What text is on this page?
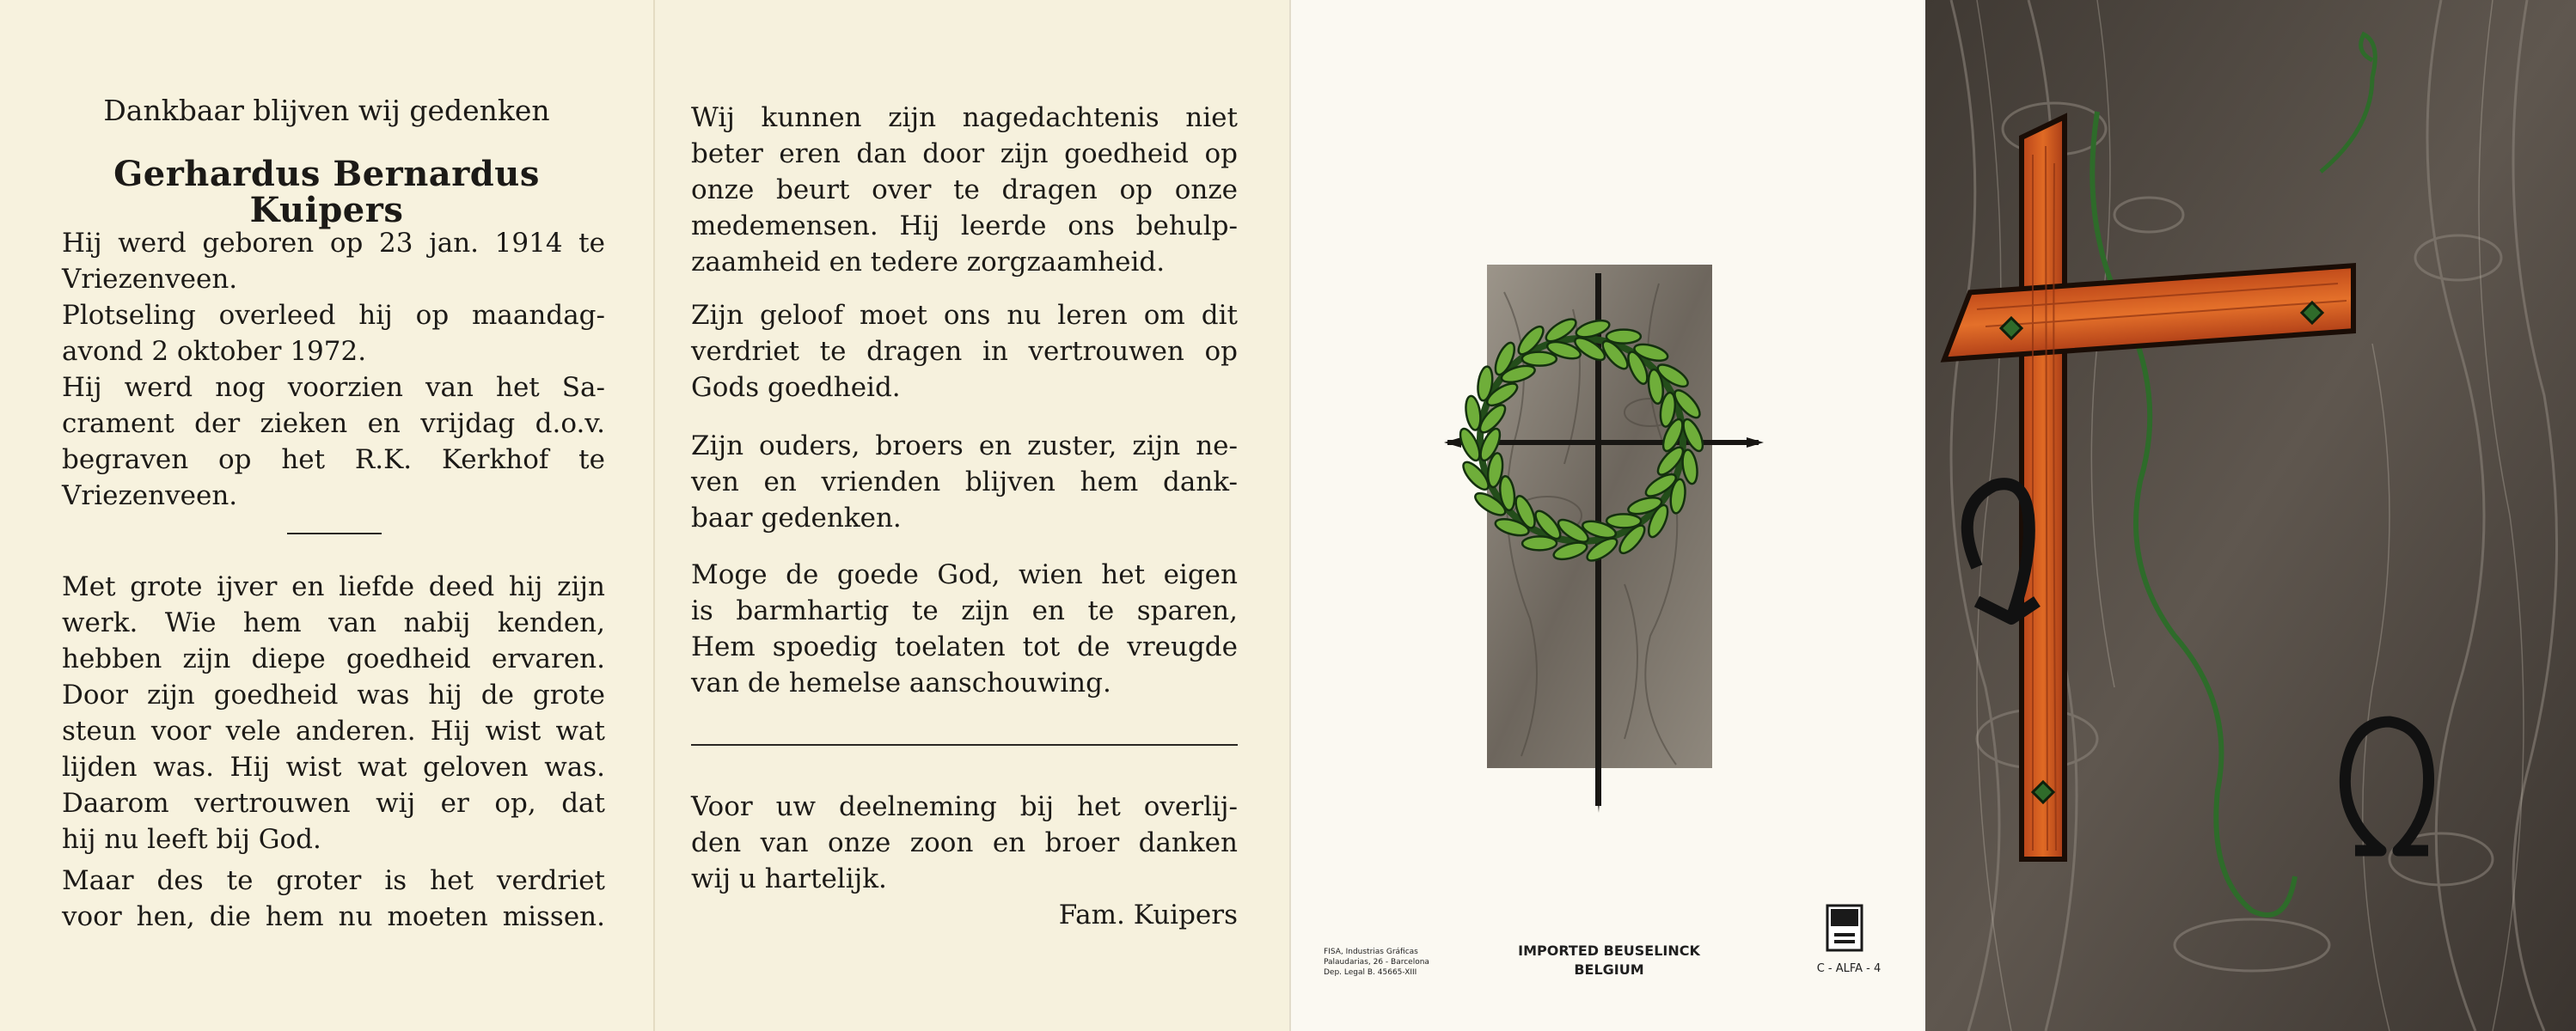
Dankbaar blijven wij gedenken

Gerhardus Bernardus Kuipers

Hij werd geboren op 23 jan. 1914 te

Vriezenveen.

Plotseling overleed hij op maandag-

avond 2 oktober 1972.

Hij werd nog voorzien van het Sa-

crament der zieken en vrijdag d.o.v.

begraven op het R.K. Kerkhof te

Vriezenveen.

Met grote ijver en liefde deed hij zijn

werk. Wie hem van nabij kenden,

hebben zijn diepe goedheid ervaren.

Door zijn goedheid was hij de grote

steun voor vele anderen. Hij wist wat

lijden was. Hij wist wat geloven was.

Daarom vertrouwen wij er op, dat

hij nu leeft bij God.

Maar des te groter is het verdriet

voor hen, die hem nu moeten missen.

Wij kunnen zijn nagedachtenis niet

beter eren dan door zijn goedheid op

onze beurt over te dragen op onze

medemensen. Hij leerde ons behulp-

zaamheid en tedere zorgzaamheid.

Zijn geloof moet ons nu leren om dit

verdriet te dragen in vertrouwen op

Gods goedheid.

Zijn ouders, broers en zuster, zijn ne-

ven en vrienden blijven hem dank-

baar gedenken.

Moge de goede God, wien het eigen

is barmhartig te zijn en te sparen,

Hem spoedig toelaten tot de vreugde

van de hemelse aanschouwing.

Voor uw deelneming bij het overlij-

den van onze zoon en broer danken

wij u hartelijk.

Fam. Kuipers

FISA, Industrias Gráficas
Palaudarias, 26 - Barcelona
Dep. Legal B. 45665-XIII
IMPORTED BEUSELINCK
BELGIUM	C - ALFA - 4
